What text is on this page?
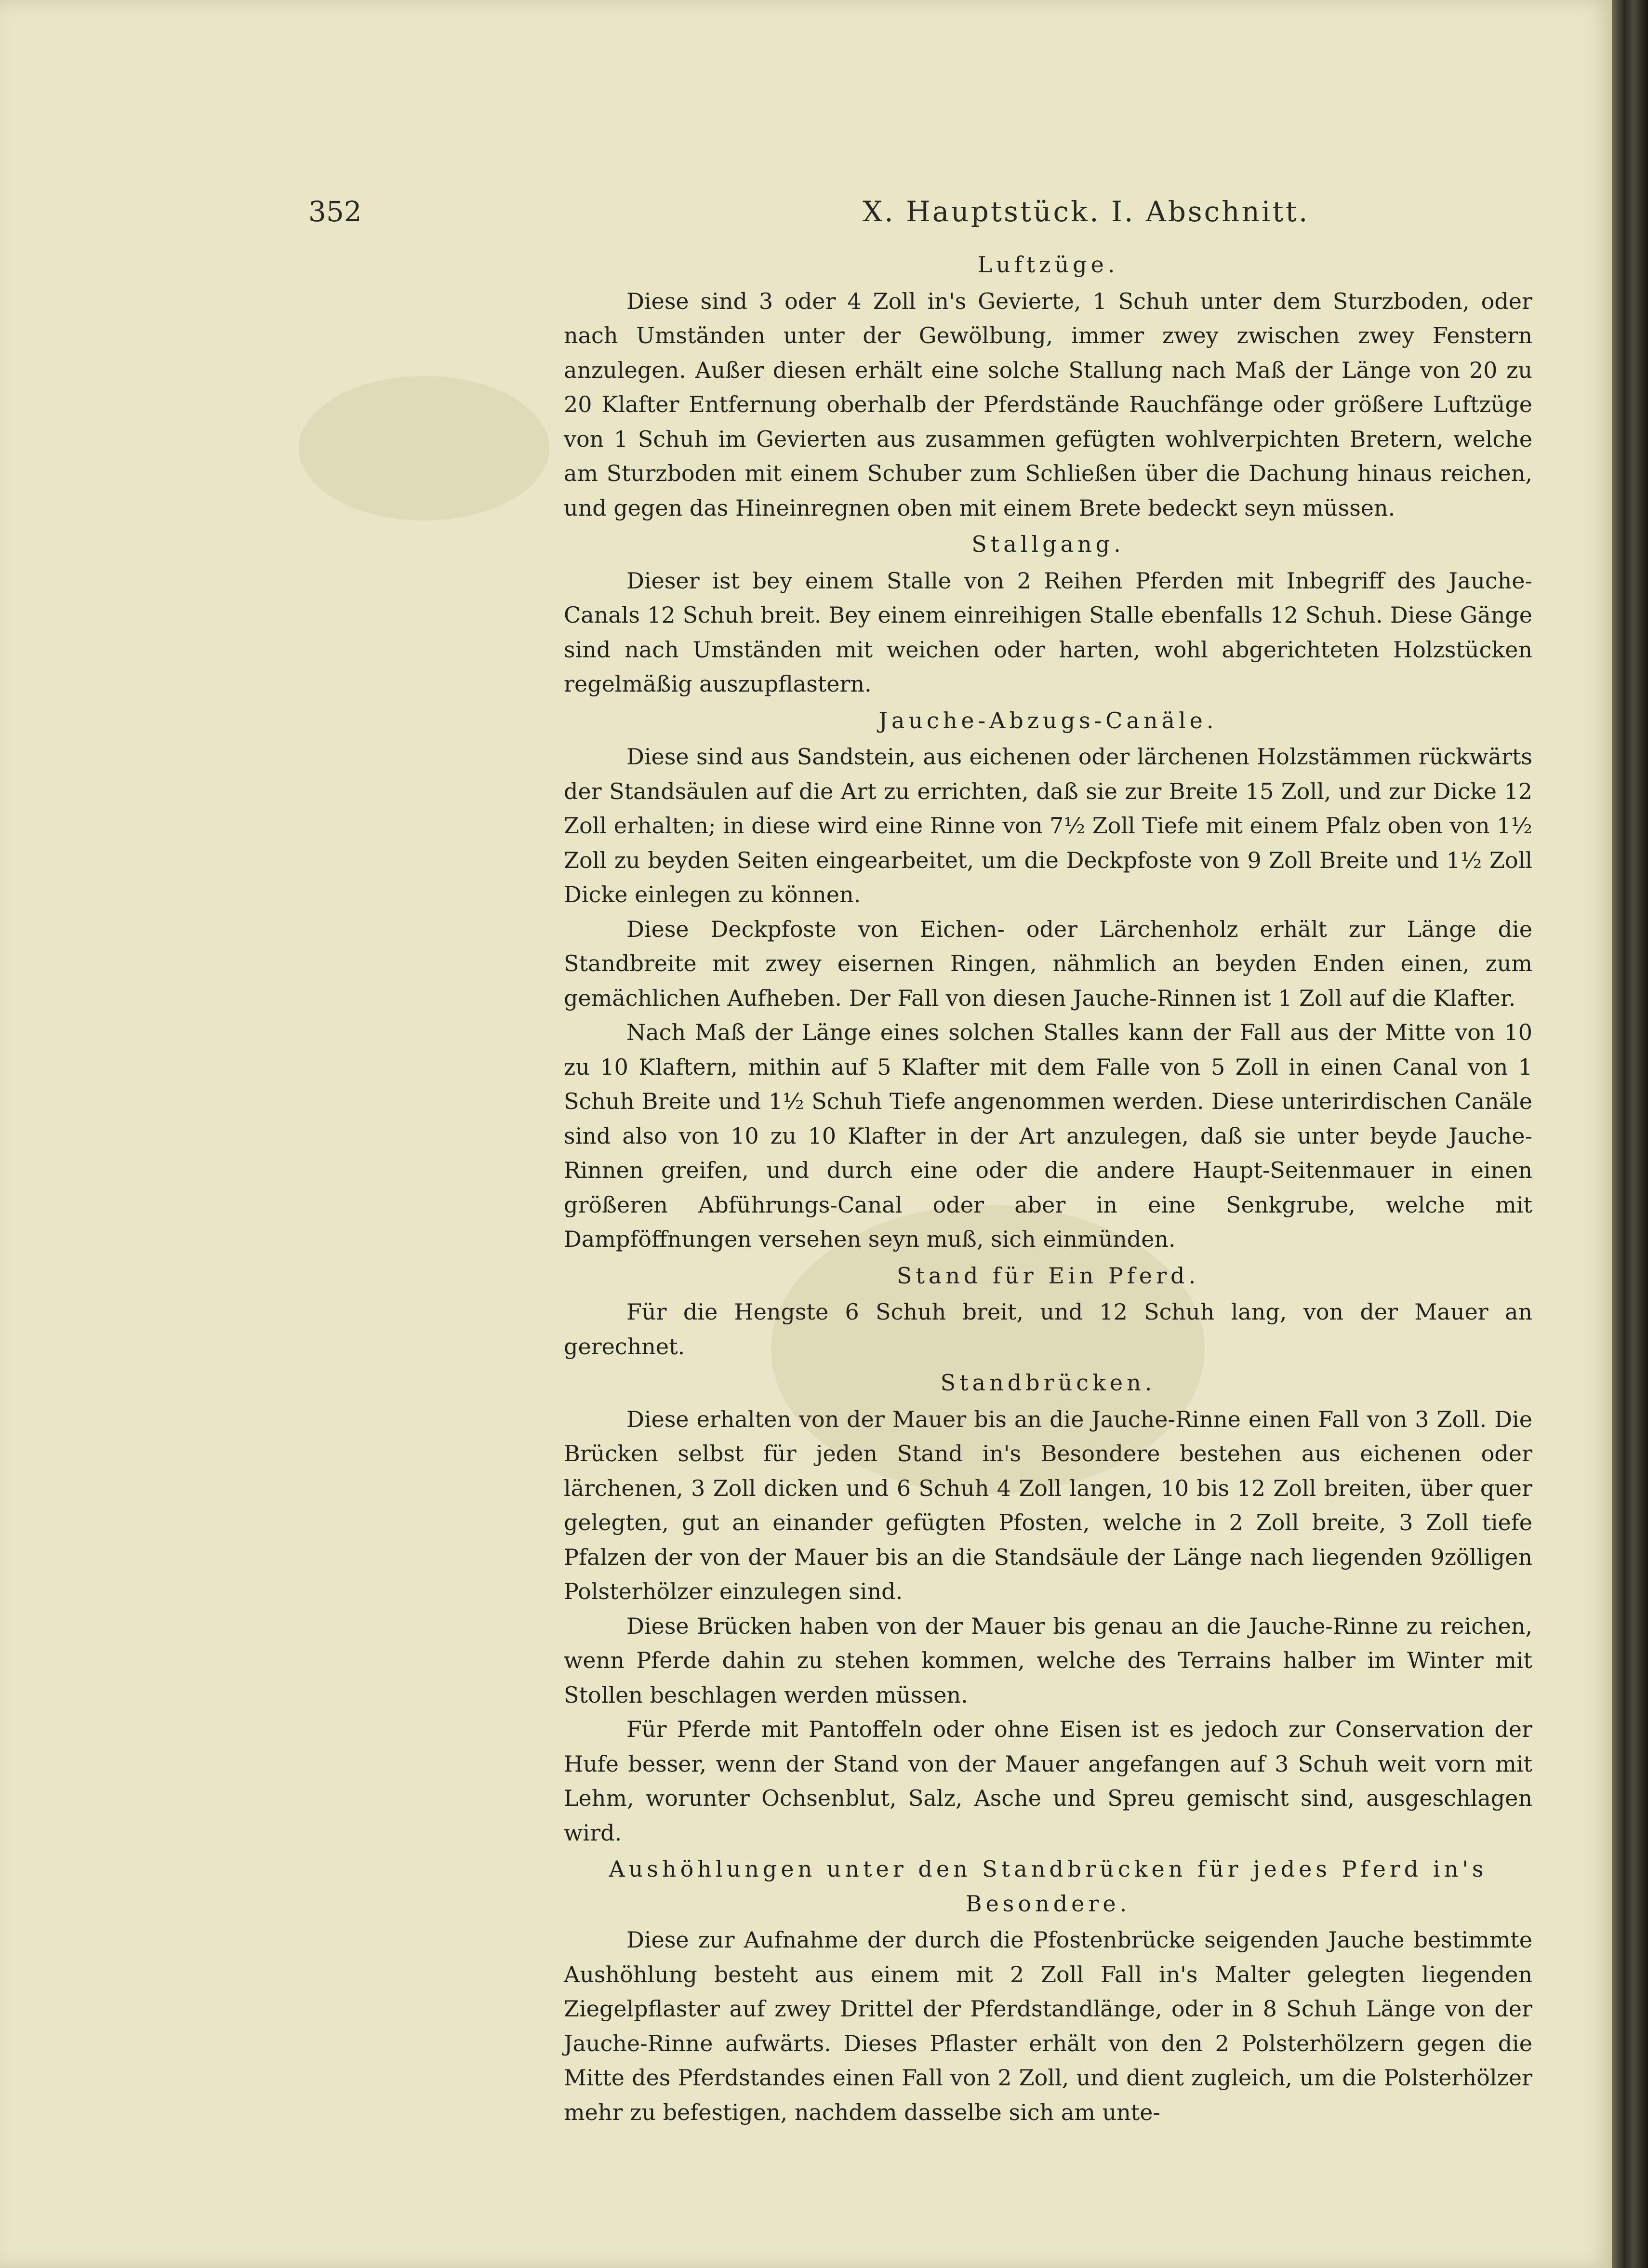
352	X. Hauptstück. I. Abschnitt.
Luftzüge.

Diese sind 3 oder 4 Zoll in's Gevierte, 1 Schuh unter dem Sturzboden, oder nach Umständen unter der Gewölbung, immer zwey zwischen zwey Fenstern anzulegen. Außer diesen erhält eine solche Stallung nach Maß der Länge von 20 zu 20 Klafter Entfernung oberhalb der Pferdstände Rauchfänge oder größere Luftzüge von 1 Schuh im Gevierten aus zusammen gefügten wohlverpichten Bretern, welche am Sturzboden mit einem Schuber zum Schließen über die Dachung hinaus reichen, und gegen das Hineinregnen oben mit einem Brete bedeckt seyn müssen.

Stallgang.

Dieser ist bey einem Stalle von 2 Reihen Pferden mit Inbegriff des Jauche-Canals 12 Schuh breit. Bey einem einreihigen Stalle ebenfalls 12 Schuh. Diese Gänge sind nach Umständen mit weichen oder harten, wohl abgerichteten Holzstücken regelmäßig auszupflastern.

Jauche-Abzugs-Canäle.

Diese sind aus Sandstein, aus eichenen oder lärchenen Holzstämmen rückwärts der Standsäulen auf die Art zu errichten, daß sie zur Breite 15 Zoll, und zur Dicke 12 Zoll erhalten; in diese wird eine Rinne von 7½ Zoll Tiefe mit einem Pfalz oben von 1½ Zoll zu beyden Seiten eingearbeitet, um die Deckpfoste von 9 Zoll Breite und 1½ Zoll Dicke einlegen zu können.

Diese Deckpfoste von Eichen- oder Lärchenholz erhält zur Länge die Standbreite mit zwey eisernen Ringen, nähmlich an beyden Enden einen, zum gemächlichen Aufheben. Der Fall von diesen Jauche-Rinnen ist 1 Zoll auf die Klafter.

Nach Maß der Länge eines solchen Stalles kann der Fall aus der Mitte von 10 zu 10 Klaftern, mithin auf 5 Klafter mit dem Falle von 5 Zoll in einen Canal von 1 Schuh Breite und 1½ Schuh Tiefe angenommen werden. Diese unterirdischen Canäle sind also von 10 zu 10 Klafter in der Art anzulegen, daß sie unter beyde Jauche-Rinnen greifen, und durch eine oder die andere Haupt-Seitenmauer in einen größeren Abführungs-Canal oder aber in eine Senkgrube, welche mit Dampföffnungen versehen seyn muß, sich einmünden.

Stand für Ein Pferd.

Für die Hengste 6 Schuh breit, und 12 Schuh lang, von der Mauer an gerechnet.

Standbrücken.

Diese erhalten von der Mauer bis an die Jauche-Rinne einen Fall von 3 Zoll. Die Brücken selbst für jeden Stand in's Besondere bestehen aus eichenen oder lärchenen, 3 Zoll dicken und 6 Schuh 4 Zoll langen, 10 bis 12 Zoll breiten, über quer gelegten, gut an einander gefügten Pfosten, welche in 2 Zoll breite, 3 Zoll tiefe Pfalzen der von der Mauer bis an die Standsäule der Länge nach liegenden 9zölligen Polsterhölzer einzulegen sind.

Diese Brücken haben von der Mauer bis genau an die Jauche-Rinne zu reichen, wenn Pferde dahin zu stehen kommen, welche des Terrains halber im Winter mit Stollen beschlagen werden müssen.

Für Pferde mit Pantoffeln oder ohne Eisen ist es jedoch zur Conservation der Hufe besser, wenn der Stand von der Mauer angefangen auf 3 Schuh weit vorn mit Lehm, worunter Ochsenblut, Salz, Asche und Spreu gemischt sind, ausgeschlagen wird.

Aushöhlungen unter den Standbrücken für jedes Pferd in's Besondere.

Diese zur Aufnahme der durch die Pfostenbrücke seigenden Jauche bestimmte Aushöhlung besteht aus einem mit 2 Zoll Fall in's Malter gelegten liegenden Ziegelpflaster auf zwey Drittel der Pferdstandlänge, oder in 8 Schuh Länge von der Jauche-Rinne aufwärts. Dieses Pflaster erhält von den 2 Polsterhölzern gegen die Mitte des Pferdstandes einen Fall von 2 Zoll, und dient zugleich, um die Polsterhölzer mehr zu befestigen, nachdem dasselbe sich am unte-
